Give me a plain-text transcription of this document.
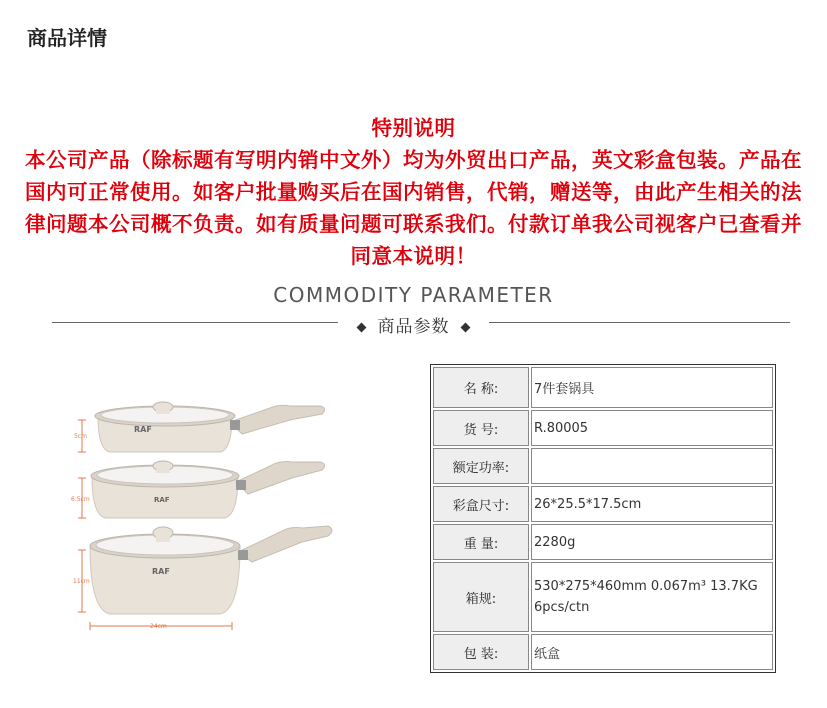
商品详情
特别说明
本公司产品（除标题有写明内销中文外）均为外贸出口产品，英文彩盒包装。产品在国内可正常使用。如客户批量购买后在国内销售，代销，赠送等，由此产生相关的法律问题本公司概不负责。如有质量问题可联系我们。付款订单我公司视客户已查看并同意本说明！
COMMODITY PARAMETER
商品参数
5cm
6.5cm
11cm
24cm
RAF
RAF
RAF
名 称:	7件套锅具
货 号:	R.80005
额定功率:	
彩盒尺寸:	26*25.5*17.5cm
重 量:	2280g
箱规:	530*275*460mm 0.067m³ 13.7KG
6pcs/ctn

包 装:	纸盒
